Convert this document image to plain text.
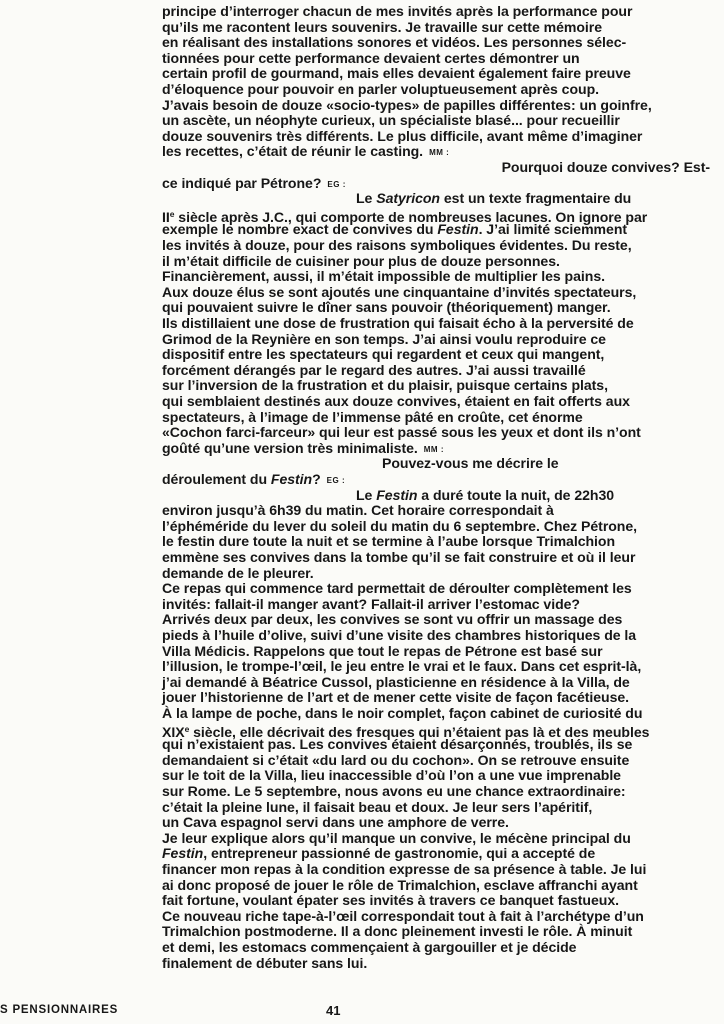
principe d’interroger chacun de mes invités après la performance pour
qu’ils me racontent leurs souvenirs. Je travaille sur cette mémoire
en réalisant des installations sonores et vidéos. Les personnes sélec-
tionnées pour cette performance devaient certes démontrer un
certain profil de gourmand, mais elles devaient également faire preuve
d’éloquence pour pouvoir en parler voluptueusement après coup.
J’avais besoin de douze «socio-types» de papilles différentes: un goinfre,
un ascète, un néophyte curieux, un spécialiste blasé... pour recueillir
douze souvenirs très différents. Le plus difficile, avant même d’imaginer
les recettes, c’était de réunir le casting. MM :
Pourquoi douze convives? Est-
ce indiqué par Pétrone? EG :
Le Satyricon est un texte fragmentaire du
IIe siècle après J.C., qui comporte de nombreuses lacunes. On ignore par
exemple le nombre exact de convives du Festin. J’ai limité sciemment
les invités à douze, pour des raisons symboliques évidentes. Du reste,
il m’était difficile de cuisiner pour plus de douze personnes.
Financièrement, aussi, il m’était impossible de multiplier les pains.
Aux douze élus se sont ajoutés une cinquantaine d’invités spectateurs,
qui pouvaient suivre le dîner sans pouvoir (théoriquement) manger.
Ils distillaient une dose de frustration qui faisait écho à la perversité de
Grimod de la Reynière en son temps. J’ai ainsi voulu reproduire ce
dispositif entre les spectateurs qui regardent et ceux qui mangent,
forcément dérangés par le regard des autres. J’ai aussi travaillé
sur l’inversion de la frustration et du plaisir, puisque certains plats,
qui semblaient destinés aux douze convives, étaient en fait offerts aux
spectateurs, à l’image de l’immense pâté en croûte, cet énorme
«Cochon farci-farceur» qui leur est passé sous les yeux et dont ils n’ont
goûté qu’une version très minimaliste. MM :
Pouvez-vous me décrire le
déroulement du Festin? EG :
Le Festin a duré toute la nuit, de 22h30
environ jusqu’à 6h39 du matin. Cet horaire correspondait à
l’éphéméride du lever du soleil du matin du 6 septembre. Chez Pétrone,
le festin dure toute la nuit et se termine à l’aube lorsque Trimalchion
emmène ses convives dans la tombe qu’il se fait construire et où il leur
demande de le pleurer.
Ce repas qui commence tard permettait de déroulter complètement les
invités: fallait-il manger avant? Fallait-il arriver l’estomac vide?
Arrivés deux par deux, les convives se sont vu offrir un massage des
pieds à l’huile d’olive, suivi d’une visite des chambres historiques de la
Villa Médicis. Rappelons que tout le repas de Pétrone est basé sur
l’illusion, le trompe-l’œil, le jeu entre le vrai et le faux. Dans cet esprit-là,
j’ai demandé à Béatrice Cussol, plasticienne en résidence à la Villa, de
jouer l’historienne de l’art et de mener cette visite de façon facétieuse.
À la lampe de poche, dans le noir complet, façon cabinet de curiosité du
XIXe siècle, elle décrivait des fresques qui n’étaient pas là et des meubles
qui n’existaient pas. Les convives étaient désarçonnés, troublés, ils se
demandaient si c’était «du lard ou du cochon». On se retrouve ensuite
sur le toit de la Villa, lieu inaccessible d’où l’on a une vue imprenable
sur Rome. Le 5 septembre, nous avons eu une chance extraordinaire:
c’était la pleine lune, il faisait beau et doux. Je leur sers l’apéritif,
un Cava espagnol servi dans une amphore de verre.
Je leur explique alors qu’il manque un convive, le mécène principal du
Festin, entrepreneur passionné de gastronomie, qui a accepté de
financer mon repas à la condition expresse de sa présence à table. Je lui
ai donc proposé de jouer le rôle de Trimalchion, esclave affranchi ayant
fait fortune, voulant épater ses invités à travers ce banquet fastueux.
Ce nouveau riche tape-à-l’œil correspondait tout à fait à l’archétype d’un
Trimalchion postmoderne. Il a donc pleinement investi le rôle. À minuit
et demi, les estomacs commençaient à gargouiller et je décide
finalement de débuter sans lui.
S PENSIONNAIRES	41
